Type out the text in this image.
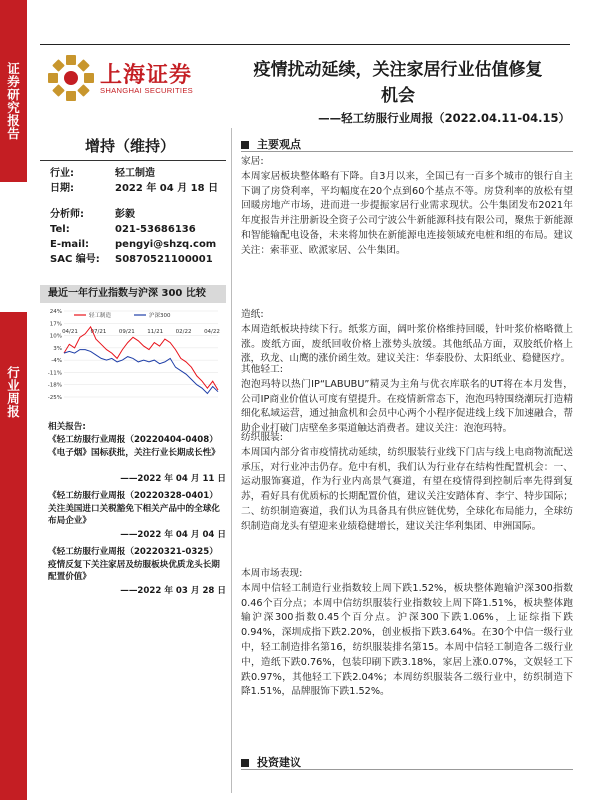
证券研究报告
行业周报
上海证券
SHANGHAI SECURITIES
疫情扰动延续，关注家居行业估值修复
机会
——轻工纺服行业周报（2022.04.11-04.15）
增持（维持）
行业:	轻工制造
日期:	2022 年 04 月 18 日
分析师:	彭毅
Tel:	021-53686136
E-mail:	pengyi@shzq.com
SAC 编号: S0870521100001
最近一年行业指数与沪深 300 比较
24%
17%
10%
3%
-4%
-11%
-18%
-25%
04/21 07/21 09/21 11/21 02/22 04/22
轻工制造	沪深300
相关报告:
《轻工纺服行业周报（20220404-0408）《电子烟》国标获批，关注行业长期成长性》
——2022 年 04 月 11 日
《轻工纺服行业周报（20220328-0401）关注美国进口关税豁免下相关产品中的全球化布局企业》
——2022 年 04 月 04 日
《轻工纺服行业周报（20220321-0325）疫情反复下关注家居及纺服板块优质龙头长期配置价值》
——2022 年 03 月 28 日
主要观点

家居:

本周家居板块整体略有下降。自3月以来，全国已有一百多个城市的银行自主下调了房贷利率，平均幅度在20个点到60个基点不等。房贷利率的放松有望回暖房地产市场，进而进一步提振家居行业需求现状。公牛集团发布2021年年度报告并注册新设全资子公司宁波公牛新能源科技有限公司，聚焦于新能源和智能输配电设备，未来将加快在新能源电连接领域充电桩和组的布局。建议关注：索菲亚、欧派家居、公牛集团。

造纸:

本周造纸板块持续下行。纸浆方面，阔叶浆价格维持回暖，针叶浆价格略微上涨。废纸方面，废纸回收价格上涨势头放缓。其他纸品方面，双胶纸价格上涨，玖龙、山鹰的涨价函生效。建议关注：华泰股份、太阳纸业、稳健医疗。

其他轻工:

泡泡玛特以热门IP“LABUBU”精灵为主角与优衣库联名的UT将在本月发售，公司IP商业价值认可度有望提升。在疫情新常态下，泡泡玛特围绕潮玩打造精细化私域运营，通过抽盒机和会员中心两个小程序促进线上线下加速融合，帮助企业打破门店壁垒多渠道触达消费者。建议关注：泡泡玛特。

纺织服装:

本周国内部分省市疫情扰动延续，纺织服装行业线下门店与线上电商物流配送承压，对行业冲击仍存。危中有机，我们认为行业存在结构性配置机会：一、运动服饰赛道，作为行业内高景气赛道，有望在疫情得到控制后率先得到复苏，看好具有优质标的长期配置价值，建议关注安踏体育、李宁、特步国际；二、纺织制造赛道，我们认为具备具有供应链优势，全球化布局能力，全球纺织制造商龙头有望迎来业绩稳健增长，建议关注华利集团、申洲国际。

本周市场表现:

本周中信轻工制造行业指数较上周下跌1.52%，板块整体跑输沪深300指数0.46个百分点；本周中信纺织服装行业指数较上周下降1.51%，板块整体跑输沪深300指数0.45个百分点。沪深300下跌1.06%，上证综指下跌0.94%，深圳成指下跌2.20%，创业板指下跌3.64%。在30个中信一级行业中，轻工制造排名第16，纺织服装排名第15。本周中信轻工制造各二级行业中，造纸下跌0.76%，包装印刷下跌3.18%，家居上涨0.07%，文娱轻工下跌0.97%，其他轻工下跌2.04%；本周纺织服装各二级行业中，纺织制造下降1.51%，品牌服饰下跌1.52%。

投资建议
